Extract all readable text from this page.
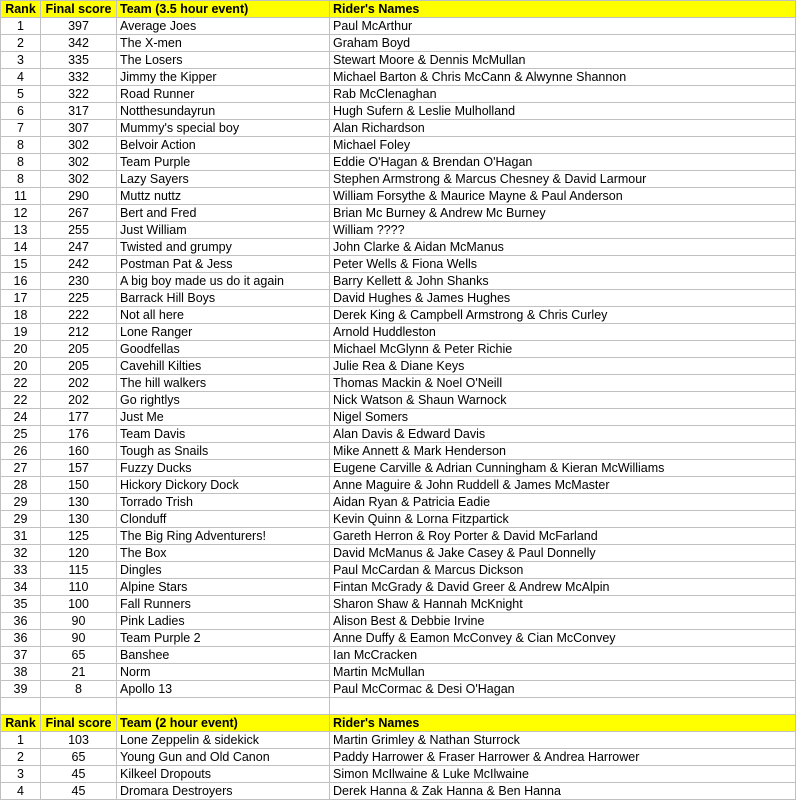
Rank	Final score	Team (3.5 hour event)	Rider's Names
1	397	Average Joes	Paul McArthur
2	342	The X-men	Graham Boyd
3	335	The Losers	Stewart Moore & Dennis McMullan
4	332	Jimmy the Kipper	Michael Barton & Chris McCann & Alwynne Shannon
5	322	Road Runner	Rab McClenaghan
6	317	Notthesundayrun	Hugh Sufern & Leslie Mulholland
7	307	Mummy's special boy	Alan Richardson
8	302	Belvoir Action	Michael Foley
8	302	Team Purple	Eddie O'Hagan & Brendan O'Hagan
8	302	Lazy Sayers	Stephen Armstrong & Marcus Chesney & David Larmour
11	290	Muttz nuttz	William Forsythe & Maurice Mayne & Paul Anderson
12	267	Bert and Fred	Brian Mc Burney & Andrew Mc Burney
13	255	Just William	William ????
14	247	Twisted and grumpy	John Clarke & Aidan McManus
15	242	Postman Pat & Jess	Peter Wells & Fiona Wells
16	230	A big boy made us do it again	Barry Kellett & John Shanks
17	225	Barrack Hill Boys	David Hughes & James Hughes
18	222	Not all here	Derek King & Campbell Armstrong & Chris Curley
19	212	Lone Ranger	Arnold Huddleston
20	205	Goodfellas	Michael McGlynn & Peter Richie
20	205	Cavehill Kilties	Julie Rea & Diane Keys
22	202	The hill walkers	Thomas Mackin & Noel O'Neill
22	202	Go rightlys	Nick Watson & Shaun Warnock
24	177	Just Me	Nigel Somers
25	176	Team Davis	Alan Davis & Edward Davis
26	160	Tough as Snails	Mike Annett & Mark Henderson
27	157	Fuzzy Ducks	Eugene Carville & Adrian Cunningham & Kieran McWilliams
28	150	Hickory Dickory Dock	Anne Maguire & John Ruddell & James McMaster
29	130	Torrado Trish	Aidan Ryan & Patricia Eadie
29	130	Clonduff	Kevin Quinn & Lorna Fitzpartick
31	125	The Big Ring Adventurers!	Gareth Herron & Roy Porter & David McFarland
32	120	The Box	David McManus & Jake Casey & Paul Donnelly
33	115	Dingles	Paul McCardan & Marcus Dickson
34	110	Alpine Stars	Fintan McGrady & David Greer & Andrew McAlpin
35	100	Fall Runners	Sharon Shaw & Hannah McKnight
36	90	Pink Ladies	Alison Best & Debbie Irvine
36	90	Team Purple 2	Anne Duffy & Eamon McConvey & Cian McConvey
37	65	Banshee	Ian McCracken
38	21	Norm	Martin McMullan
39	8	Apollo 13	Paul McCormac & Desi O'Hagan

Rank	Final score	Team (2 hour event)	Rider's Names
1	103	Lone Zeppelin & sidekick	Martin Grimley & Nathan Sturrock
2	65	Young Gun and Old Canon	Paddy Harrower & Fraser Harrower & Andrea Harrower
3	45	Kilkeel Dropouts	Simon McIlwaine & Luke McIlwaine
4	45	Dromara Destroyers	Derek Hanna & Zak Hanna & Ben Hanna
